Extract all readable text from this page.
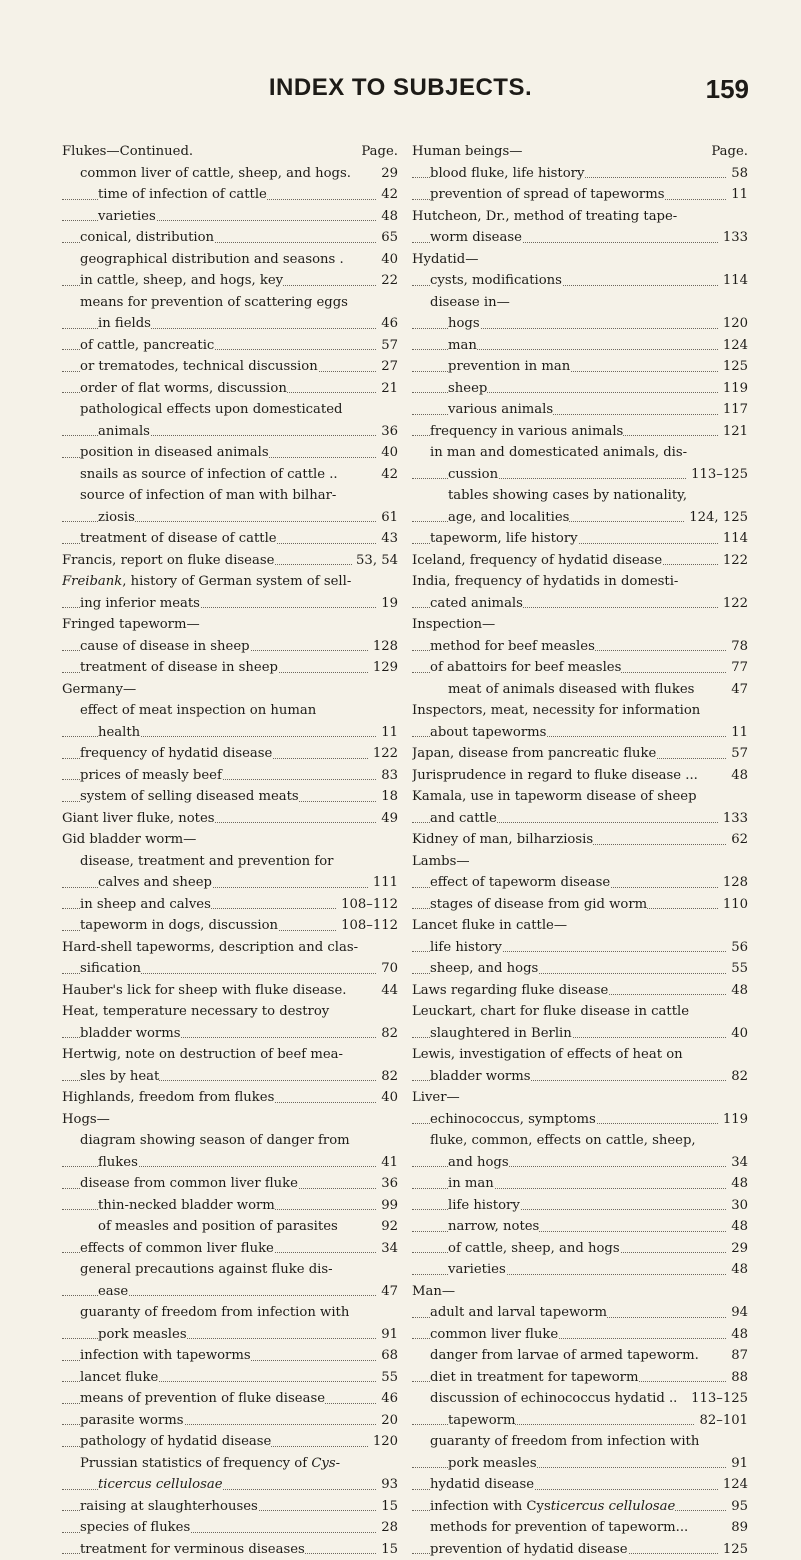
INDEX TO SUBJECTS.	159
Flukes—Continued.	Page.
common liver of cattle, sheep, and hogs.	29
time of infection of cattle	42
varieties	48
conical, distribution	65
geographical distribution and seasons .	40
in cattle, sheep, and hogs, key	22
means for prevention of scattering eggs
in fields	46
of cattle, pancreatic	57
or trematodes, technical discussion	27
order of flat worms, discussion	21
pathological effects upon domesticated
animals	36
position in diseased animals	40
snails as source of infection of cattle ..	42
source of infection of man with bilhar-
ziosis	61
treatment of disease of cattle	43
Francis, report on fluke disease	53, 54
Freibank, history of German system of sell-
ing inferior meats	19
Fringed tapeworm—
cause of disease in sheep	128
treatment of disease in sheep	129
Germany—
effect of meat inspection on human
health	11
frequency of hydatid disease	122
prices of measly beef	83
system of selling diseased meats	18
Giant liver fluke, notes	49
Gid bladder worm—
disease, treatment and prevention for
calves and sheep	111
in sheep and calves	108–112
tapeworm in dogs, discussion	108–112
Hard-shell tapeworms, description and clas-
sification	70
Hauber's lick for sheep with fluke disease.	44
Heat, temperature necessary to destroy
bladder worms	82
Hertwig, note on destruction of beef mea-
sles by heat	82
Highlands, freedom from flukes	40
Hogs—
diagram showing season of danger from
flukes	41
disease from common liver fluke	36
thin-necked bladder worm	99
of measles and position of parasites	92
effects of common liver fluke	34
general precautions against fluke dis-
ease	47
guaranty of freedom from infection with
pork measles	91
infection with tapeworms	68
lancet fluke	55
means of prevention of fluke disease	46
parasite worms	20
pathology of hydatid disease	120
Prussian statistics of frequency of Cys-
ticercus cellulosae	93
raising at slaughterhouses	15
species of flukes	28
treatment for verminous diseases	15
Human beings—	Page.
blood fluke, life history	58
prevention of spread of tapeworms	11
Hutcheon, Dr., method of treating tape-
worm disease	133
Hydatid—
cysts, modifications	114
disease in—
hogs	120
man	124
prevention in man	125
sheep	119
various animals	117
frequency in various animals	121
in man and domesticated animals, dis-
cussion	113–125
tables showing cases by nationality,
age, and localities	124, 125
tapeworm, life history	114
Iceland, frequency of hydatid disease	122
India, frequency of hydatids in domesti-
cated animals	122
Inspection—
method for beef measles	78
of abattoirs for beef measles	77
meat of animals diseased with flukes	47
Inspectors, meat, necessity for information
about tapeworms	11
Japan, disease from pancreatic fluke	57
Jurisprudence in regard to fluke disease ...	48
Kamala, use in tapeworm disease of sheep
and cattle	133
Kidney of man, bilharziosis	62
Lambs—
effect of tapeworm disease	128
stages of disease from gid worm	110
Lancet fluke in cattle—
life history	56
sheep, and hogs	55
Laws regarding fluke disease	48
Leuckart, chart for fluke disease in cattle
slaughtered in Berlin	40
Lewis, investigation of effects of heat on
bladder worms	82
Liver—
echinococcus, symptoms	119
fluke, common, effects on cattle, sheep,
and hogs	34
in man	48
life history	30
narrow, notes	48
of cattle, sheep, and hogs	29
varieties	48
Man—
adult and larval tapeworm	94
common liver fluke	48
danger from larvae of armed tapeworm.	87
diet in treatment for tapeworm	88
discussion of echinococcus hydatid ..	113–125
tapeworm	82–101
guaranty of freedom from infection with
pork measles	91
hydatid disease	124
infection with Cysticercus cellulosae	95
methods for prevention of tapeworm...	89
prevention of hydatid disease	125
